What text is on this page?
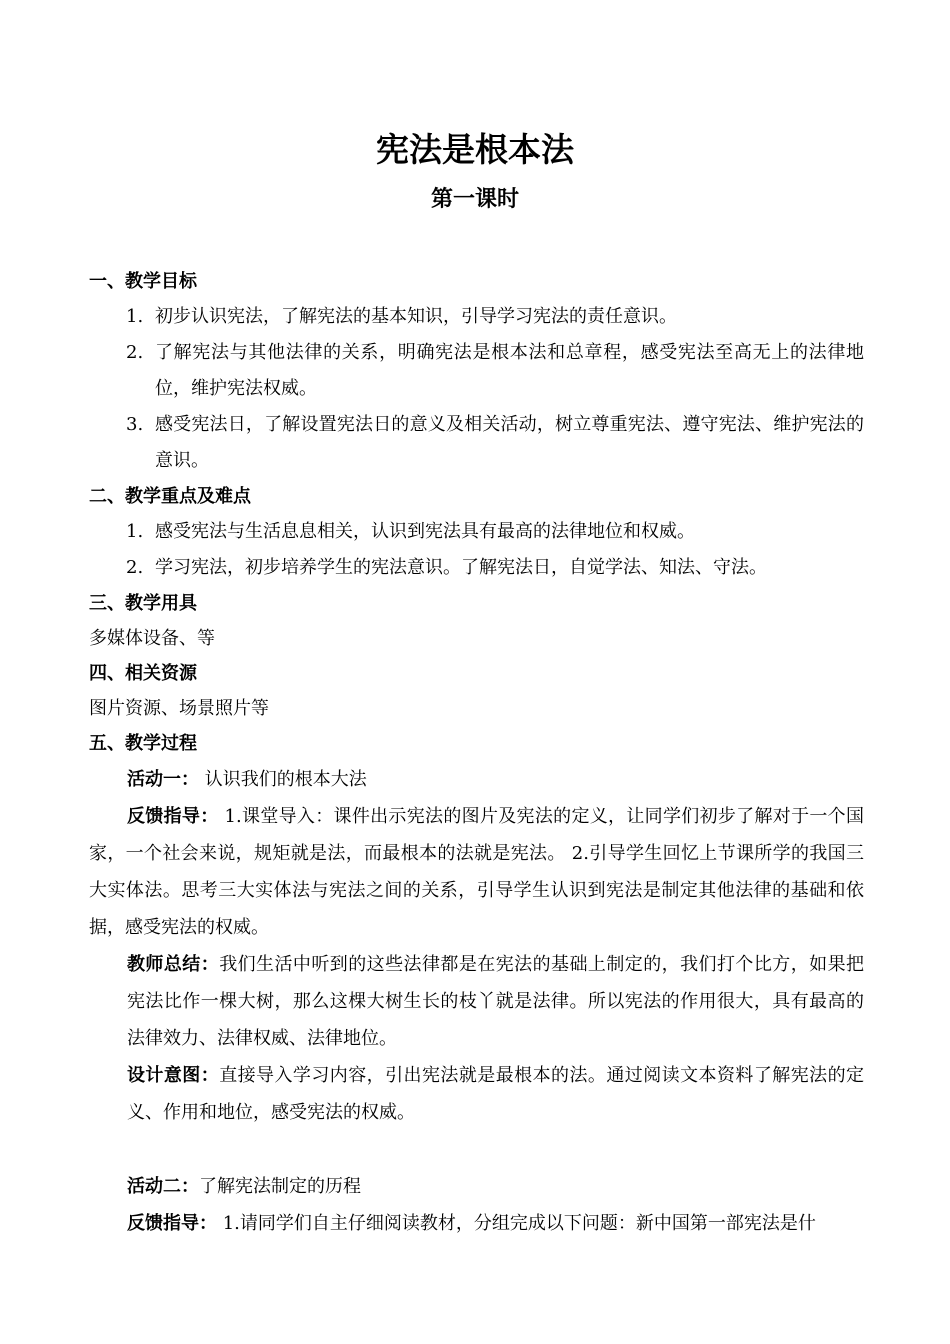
宪法是根本法
第一课时

一、教学目标

1. 初步认识宪法，了解宪法的基本知识，引导学习宪法的责任意识。
2. 了解宪法与其他法律的关系，明确宪法是根本法和总章程，感受宪法至高无上的法律地位，维护宪法权威。
3. 感受宪法日，了解设置宪法日的意义及相关活动，树立尊重宪法、遵守宪法、维护宪法的意识。

二、教学重点及难点

1. 感受宪法与生活息息相关，认识到宪法具有最高的法律地位和权威。
2. 学习宪法，初步培养学生的宪法意识。了解宪法日，自觉学法、知法、守法。

三、教学用具

多媒体设备、等

四、相关资源

图片资源、场景照片等

五、教学过程

活动一： 认识我们的根本大法

反馈指导： 1.课堂导入：课件出示宪法的图片及宪法的定义，让同学们初步了解对于一个国家，一个社会来说，规矩就是法，而最根本的法就是宪法。 2.引导学生回忆上节课所学的我国三大实体法。思考三大实体法与宪法之间的关系，引导学生认识到宪法是制定其他法律的基础和依据，感受宪法的权威。

教师总结：我们生活中听到的这些法律都是在宪法的基础上制定的，我们打个比方，如果把宪法比作一棵大树，那么这棵大树生长的枝丫就是法律。所以宪法的作用很大，具有最高的法律效力、法律权威、法律地位。

设计意图：直接导入学习内容，引出宪法就是最根本的法。通过阅读文本资料了解宪法的定义、作用和地位，感受宪法的权威。

活动二：了解宪法制定的历程

反馈指导： 1.请同学们自主仔细阅读教材，分组完成以下问题：新中国第一部宪法是什
